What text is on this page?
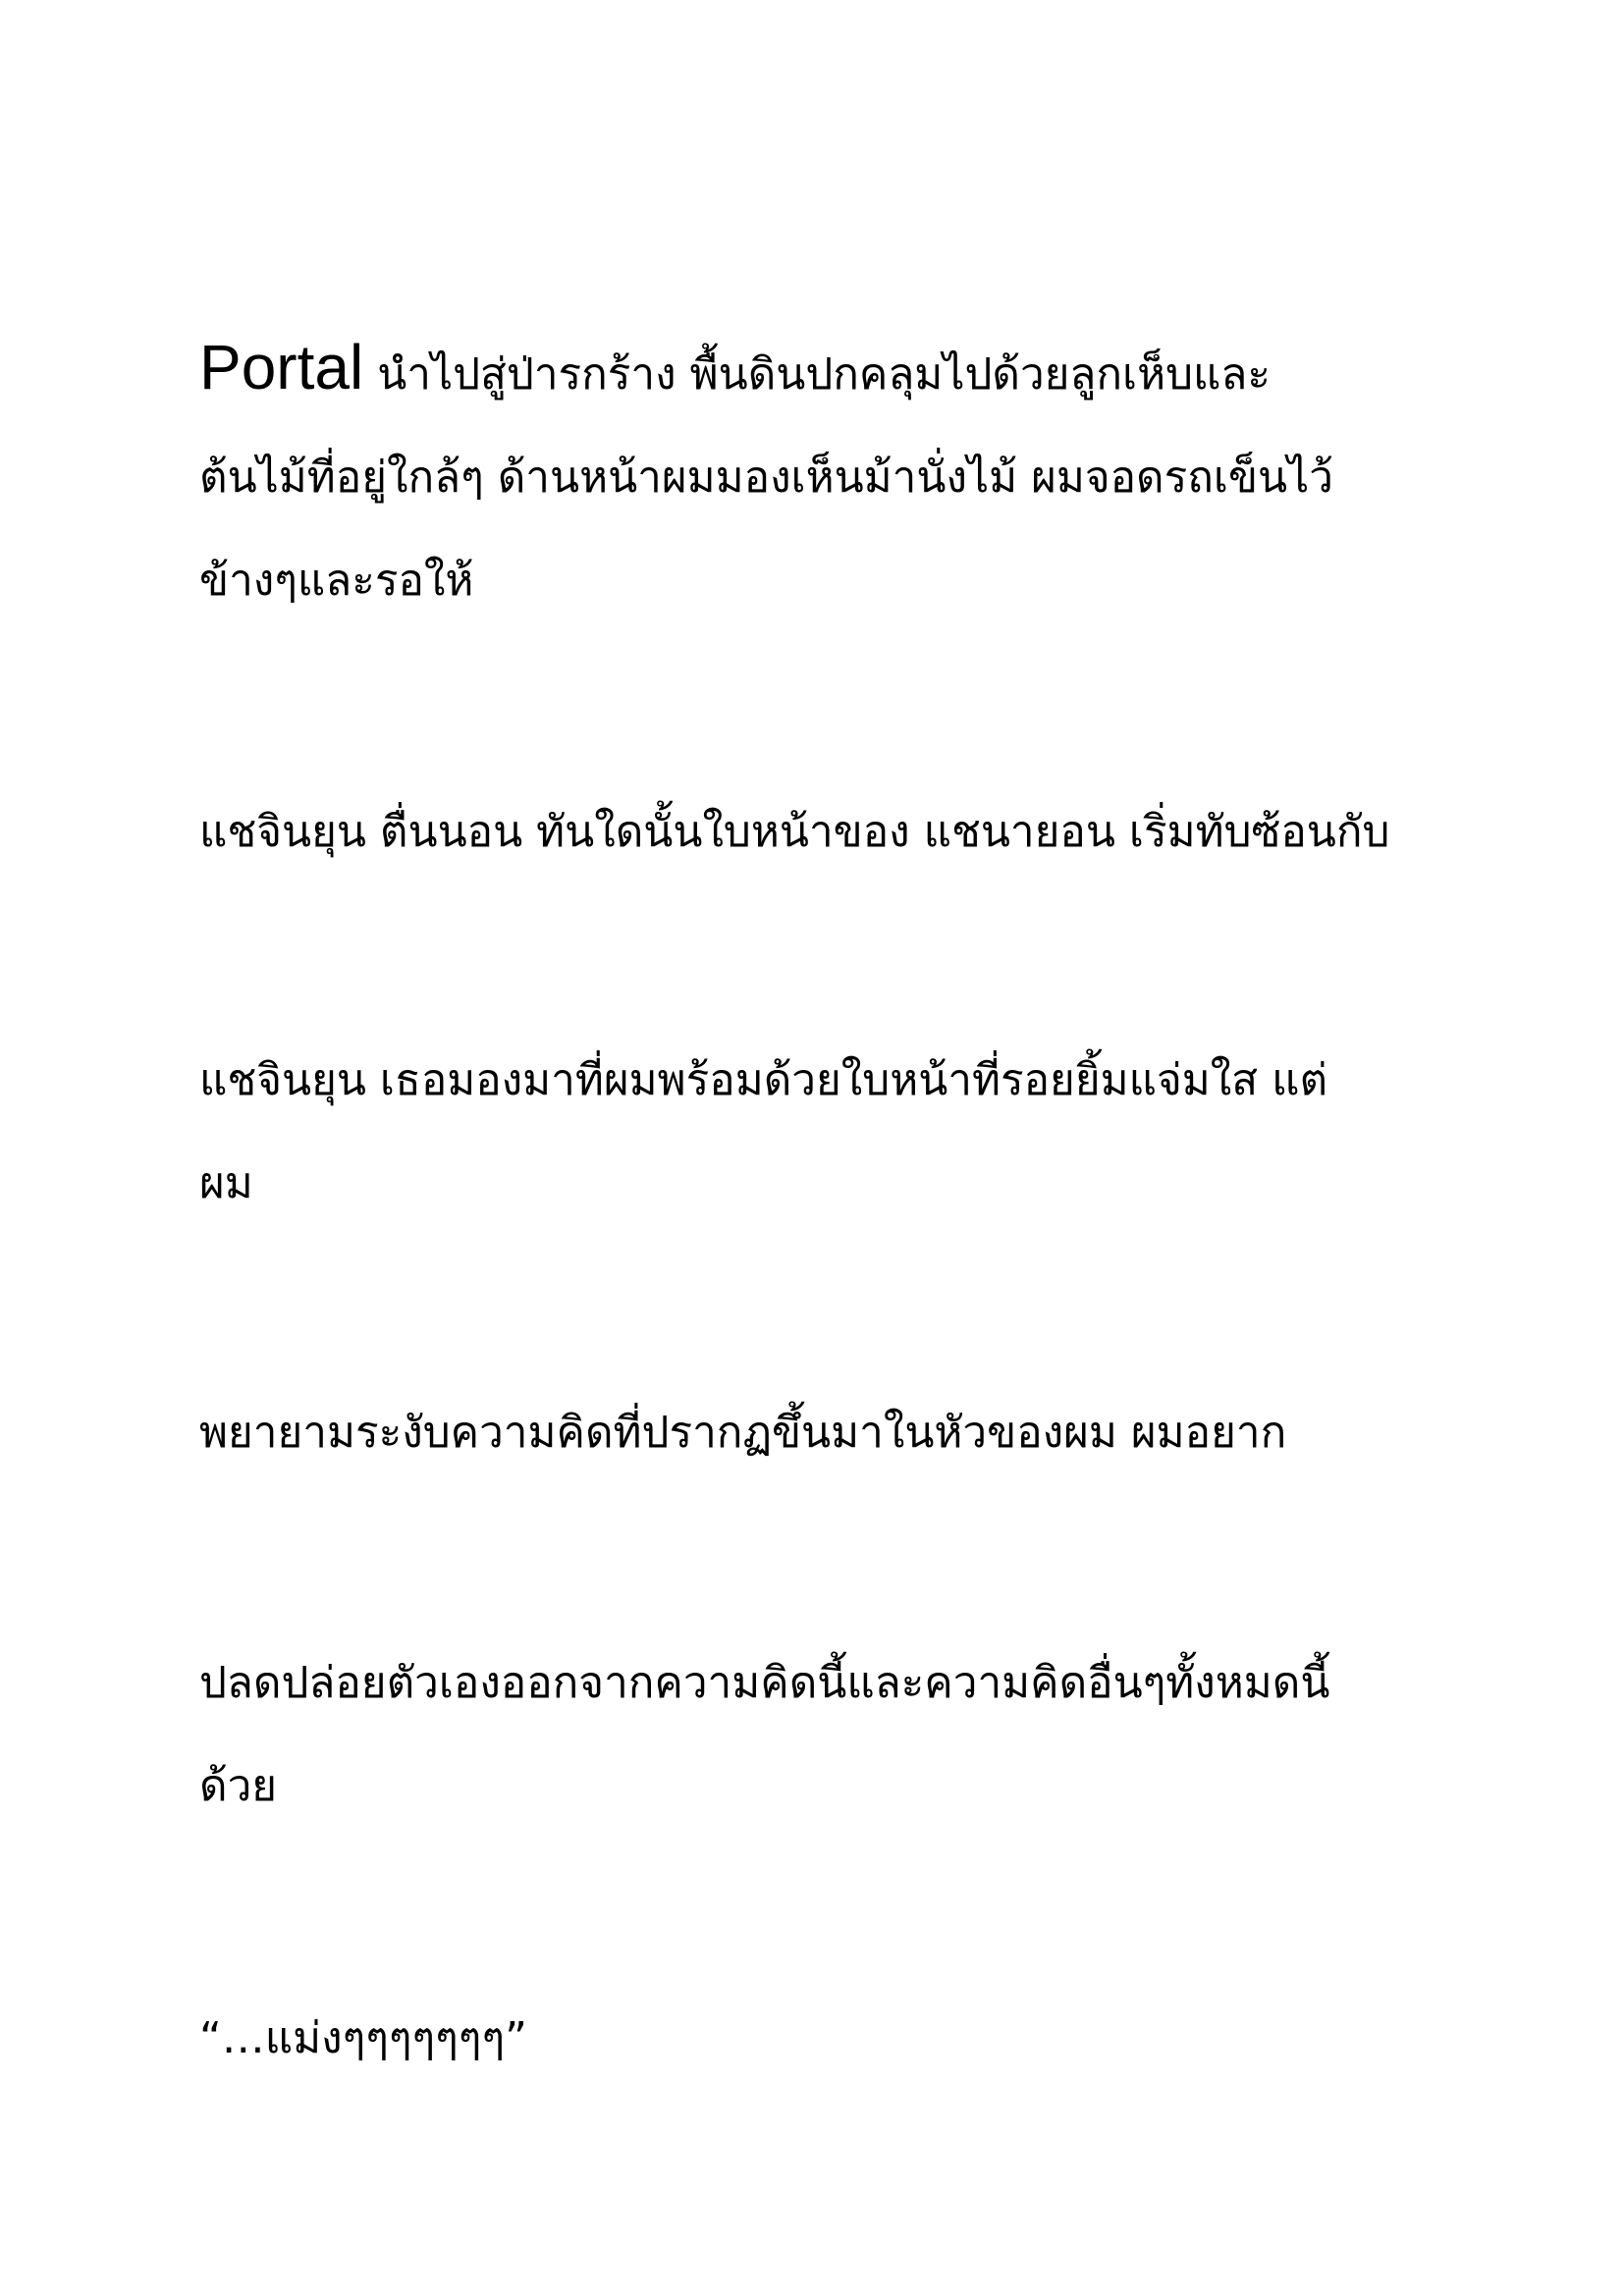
Portal นำไปสู่ป่ารกร้าง พื้นดินปกคลุมไปด้วยลูกเห็บและ
ต้นไม้ที่อยู่ใกล้ๆ ด้านหน้าผมมองเห็นม้านั่งไม้ ผมจอดรถเข็นไว้
ข้างๆและรอให้

แชจินยุน ตื่นนอน ทันใดนั้นใบหน้าของ แชนายอน เริ่มทับซ้อนกับ

แชจินยุน เธอมองมาที่ผมพร้อมด้วยใบหน้าที่รอยยิ้มแจ่มใส แต่
ผม

พยายามระงับความคิดที่ปรากฏขึ้นมาในหัวของผม ผมอยาก

ปลดปล่อยตัวเองออกจากความคิดนี้และความคิดอื่นๆทั้งหมดนี้
ด้วย

“…แม่งๆๆๆๆๆๆๆ”
